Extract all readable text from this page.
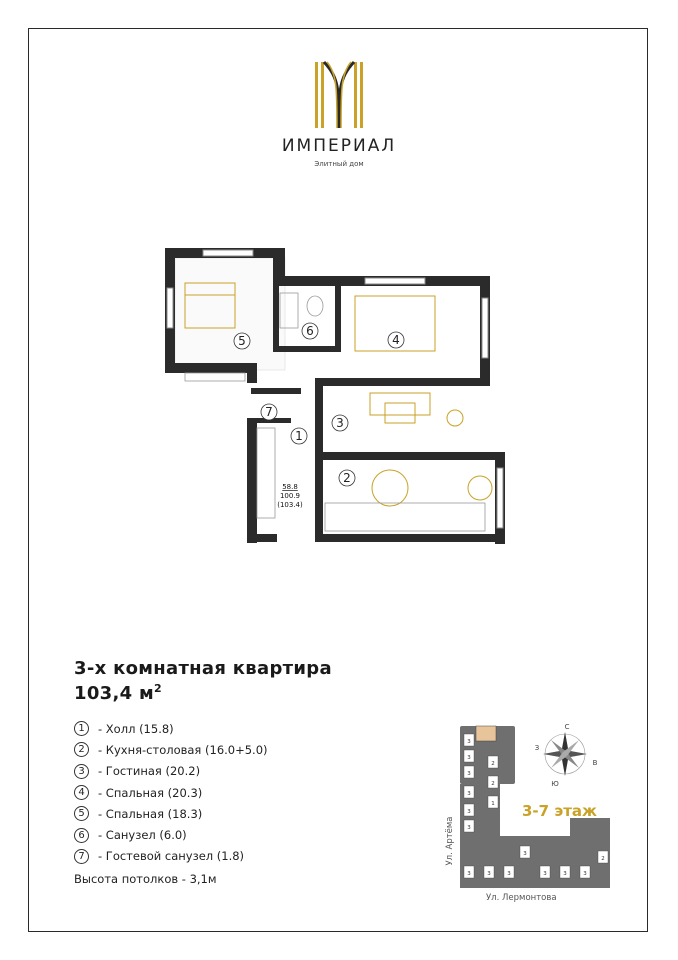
ИМПЕРИАЛ
Элитный дом
5
6
4
7
3
1
2
58.8
100.9
(103.4)
3-х комнатная квартира
103,4 $м^2$
1	- Холл (15.8)
2	- Кухня-столовая (16.0+5.0)
3	- Гостиная (20.2)
4	- Спальная (20.3)
5	- Спальная (18.3)
6	- Санузел (6.0)
7	- Гостевой санузел (1.8)
Высота потолков - 3,1м
3
3
3
3
3
3
3	3	3
3
3	3	3
2
2
2
1
С
Ю
В
З
3-7 этаж
Ул. Артёма
Ул. Лермонтова
